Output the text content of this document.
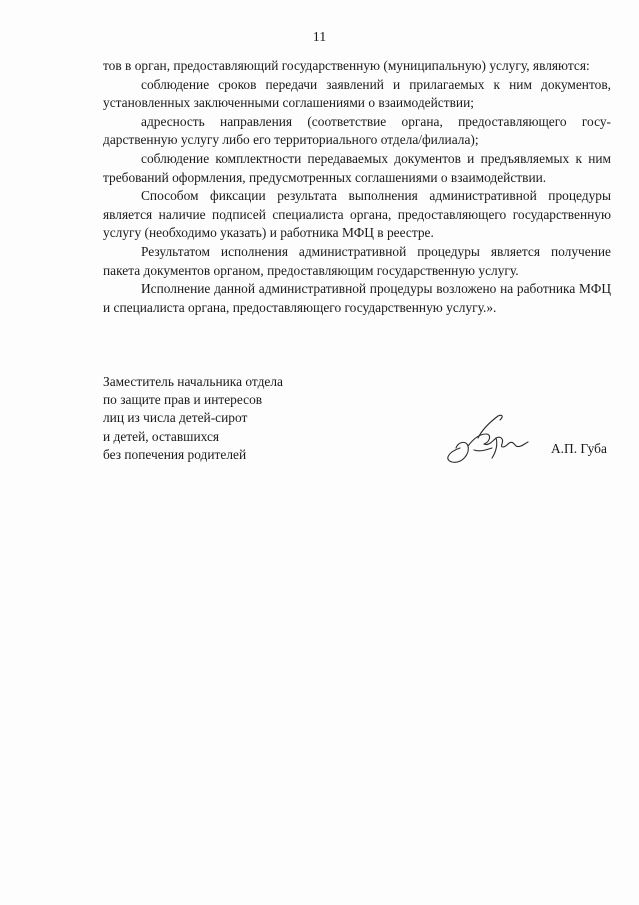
11

тов в орган, предоставляющий государственную (муниципальную) услугу, являются:

соблюдение сроков передачи заявлений и прилагаемых к ним документов, установленных заключенными соглашениями о взаимодействии;

адресность направления (соответствие органа, предоставляющего государственную услугу либо его территориального отдела/филиала);

соблюдение комплектности передаваемых документов и предъявляемых к ним требований оформления, предусмотренных соглашениями о взаимодействии.

Способом фиксации результата выполнения административной процедуры является наличие подписей специалиста органа, предоставляющего государственную услугу (необходимо указать) и работника МФЦ в реестре.

Результатом исполнения административной процедуры является получение пакета документов органом, предоставляющим государственную услугу.

Исполнение данной административной процедуры возложено на работника МФЦ и специалиста органа, предоставляющего государственную услугу.».

Заместитель начальника отдела
по защите прав и интересов
лиц из числа детей-сирот
и детей, оставшихся
без попечения родителей	А.П. Губа
